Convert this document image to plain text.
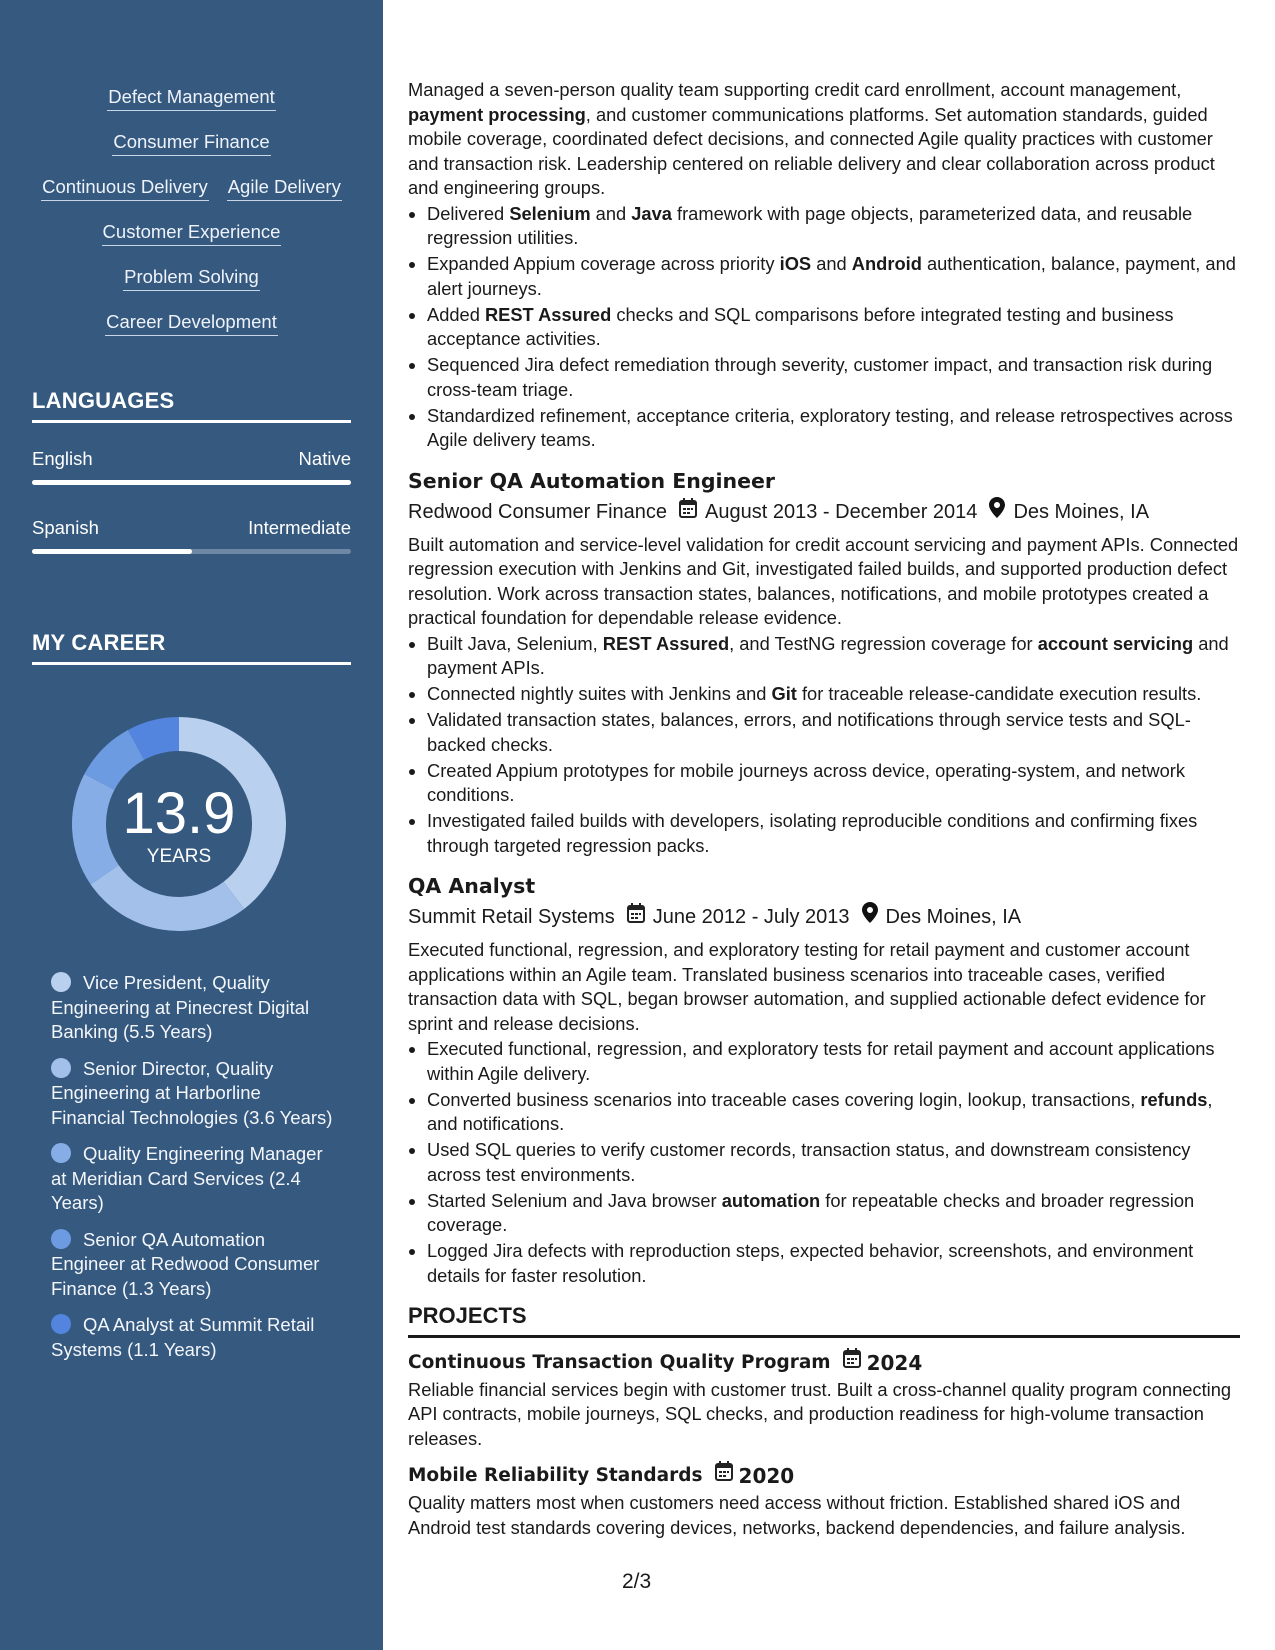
Defect Management
Consumer Finance
Continuous Delivery Agile Delivery
Customer Experience
Problem Solving
Career Development
LANGUAGES
English	Native
Spanish	Intermediate
MY CAREER
13.9
YEARS
Vice President, Quality Engineering at Pinecrest Digital Banking (5.5 Years)
Senior Director, Quality Engineering at Harborline Financial Technologies (3.6 Years)
Quality Engineering Manager at Meridian Card Services (2.4 Years)
Senior QA Automation Engineer at Redwood Consumer Finance (1.3 Years)
QA Analyst at Summit Retail Systems (1.1 Years)

Managed a seven-person quality team supporting credit card enrollment, account management, payment processing, and customer communications platforms. Set automation standards, guided mobile coverage, coordinated defect decisions, and connected Agile quality practices with customer and transaction risk. Leadership centered on reliable delivery and clear collaboration across product and engineering groups.

• Delivered Selenium and Java framework with page objects, parameterized data, and reusable regression utilities.
• Expanded Appium coverage across priority iOS and Android authentication, balance, payment, and alert journeys.
• Added REST Assured checks and SQL comparisons before integrated testing and business acceptance activities.
• Sequenced Jira defect remediation through severity, customer impact, and transaction risk during cross-team triage.
• Standardized refinement, acceptance criteria, exploratory testing, and release retrospectives across Agile delivery teams.
Senior QA Automation Engineer
Redwood Consumer Finance August 2013 - December 2014 Des Moines, IA

Built automation and service-level validation for credit account servicing and payment APIs. Connected regression execution with Jenkins and Git, investigated failed builds, and supported production defect resolution. Work across transaction states, balances, notifications, and mobile prototypes created a practical foundation for dependable release evidence.

• Built Java, Selenium, REST Assured, and TestNG regression coverage for account servicing and payment APIs.
• Connected nightly suites with Jenkins and Git for traceable release-candidate execution results.
• Validated transaction states, balances, errors, and notifications through service tests and SQL-backed checks.
• Created Appium prototypes for mobile journeys across device, operating-system, and network conditions.
• Investigated failed builds with developers, isolating reproducible conditions and confirming fixes through targeted regression packs.
QA Analyst
Summit Retail Systems June 2012 - July 2013 Des Moines, IA

Executed functional, regression, and exploratory testing for retail payment and customer account applications within an Agile team. Translated business scenarios into traceable cases, verified transaction data with SQL, began browser automation, and supplied actionable defect evidence for sprint and release decisions.

• Executed functional, regression, and exploratory tests for retail payment and account applications within Agile delivery.
• Converted business scenarios into traceable cases covering login, lookup, transactions, refunds, and notifications.
• Used SQL queries to verify customer records, transaction status, and downstream consistency across test environments.
• Started Selenium and Java browser automation for repeatable checks and broader regression coverage.
• Logged Jira defects with reproduction steps, expected behavior, screenshots, and environment details for faster resolution.
PROJECTS
Continuous Transaction Quality Program 2024

Reliable financial services begin with customer trust. Built a cross-channel quality program connecting API contracts, mobile journeys, SQL checks, and production readiness for high-volume transaction releases.

Mobile Reliability Standards 2020

Quality matters most when customers need access without friction. Established shared iOS and Android test standards covering devices, networks, backend dependencies, and failure analysis.

2/3
